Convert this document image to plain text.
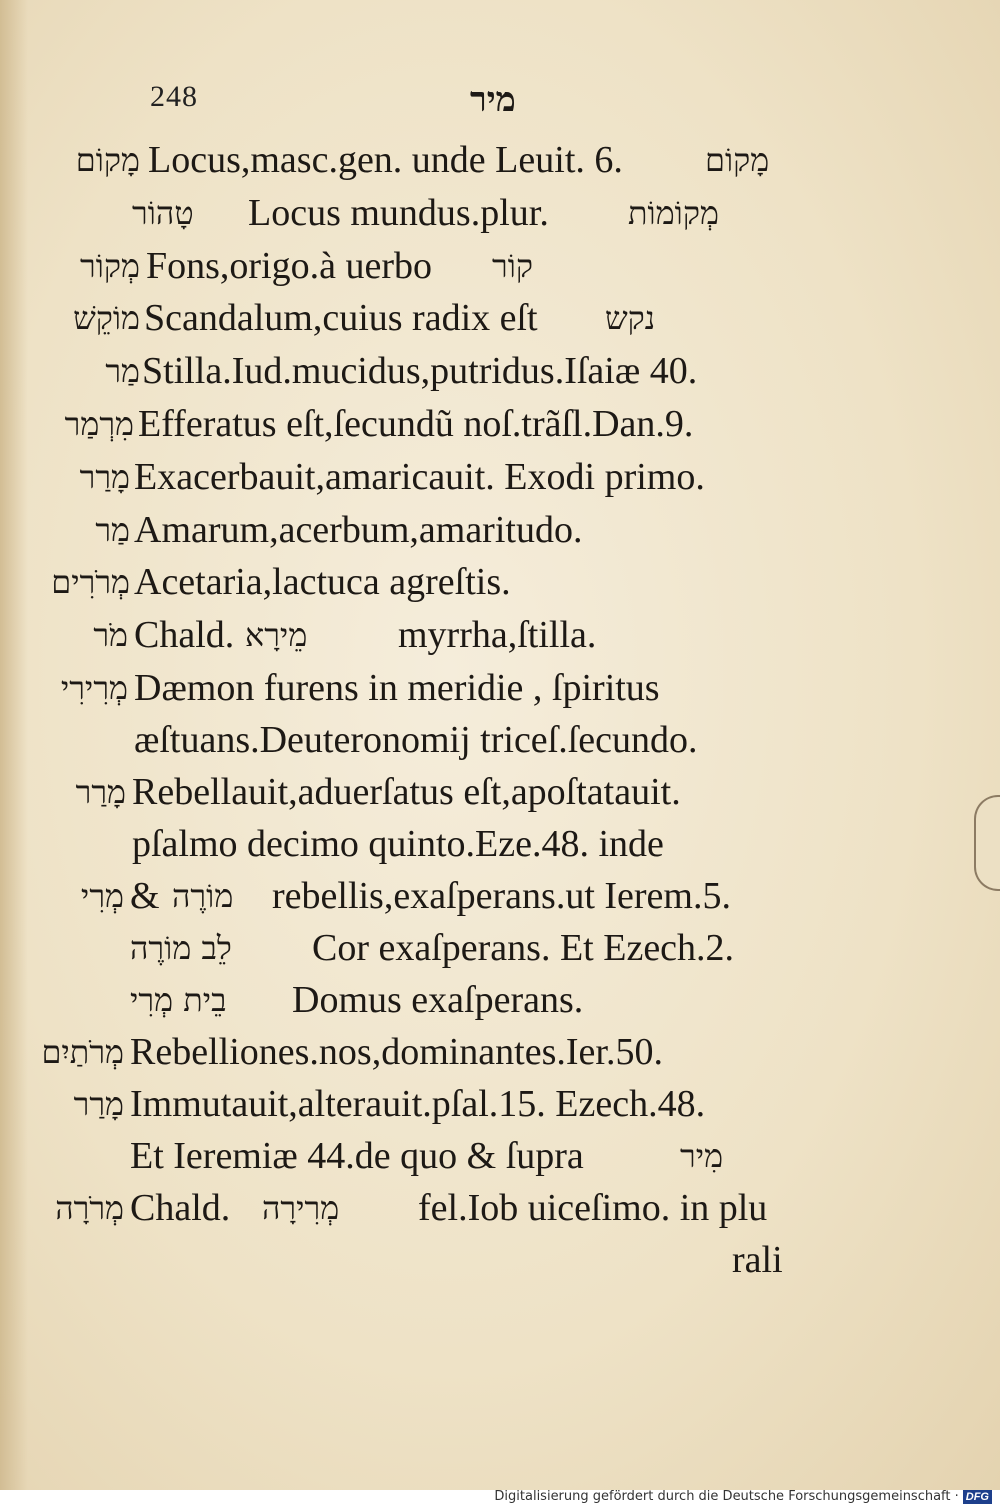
248	מיר
מָקוֹם Locus,masc.gen. unde Leuit. 6.	מָקוֹם
טָהוֹר Locus mundus.plur. מְקוֹמוֹת
מְקוֹר Fons,origo.à uerbo קוֹר
מוֹקֵשׁ Scandalum,cuius radix eſt נקש
מַר Stilla.Iud.mucidus,putridus.Iſaiæ 40.
מִרְמַר Efferatus eſt,ſecundũ noſ.trãſl.Dan.9.
מָרַר Exacerbauit,amaricauit. Exodi primo.
מַר Amarum,acerbum,amaritudo.
מְרֹרִים Acetaria,lactuca agreſtis.
מֹר Chald. מֵירָא myrrha,ſtilla.
מְרִירִי Dæmon furens in meridie , ſpiritus
æſtuans.Deuteronomij triceſ.ſecundo.
מָרַר Rebellauit,aduerſatus eſt,apoſtatauit.
pſalmo decimo quinto.Eze.48. inde
מְרִי & מוֹרֶה rebellis,exaſperans.ut Ierem.5.
לֵב מוֹרֶה Cor exaſperans. Et Ezech.2.
בֵית מְרִי Domus exaſperans.
מְרֹתַיִם Rebelliones.nos,dominantes.Ier.50.
מָרַר Immutauit,alterauit.pſal.15. Ezech.48.
Et Ieremiæ 44.de quo & ſupra	מִיר
מְרֹרָה Chald. מְרִירָה fel.Iob uiceſimo. in plu
rali
Digitalisierung gefördert durch die Deutsche Forschungsgemeinschaft · DFG
